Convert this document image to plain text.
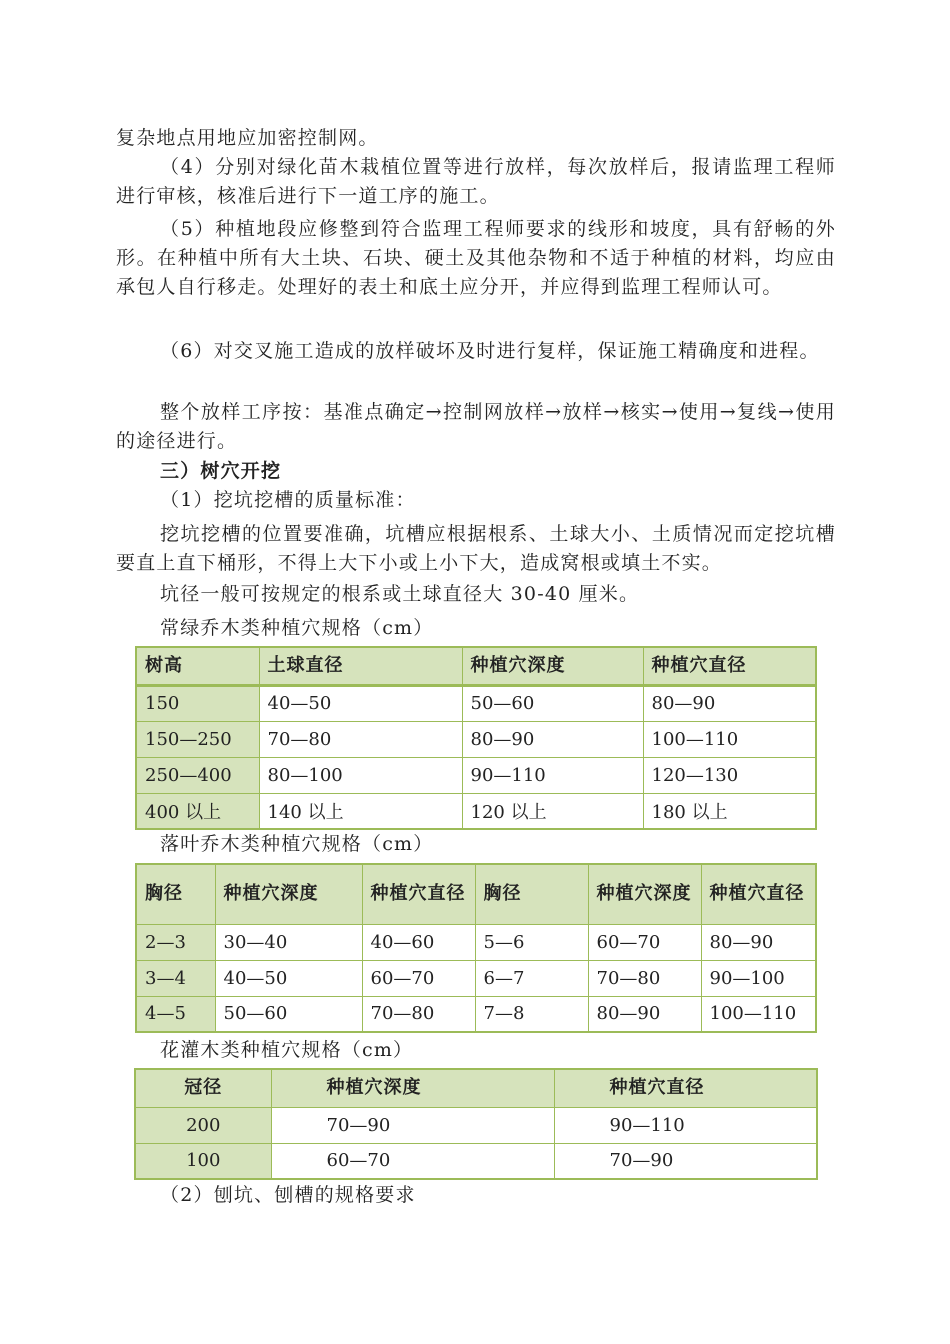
复杂地点用地应加密控制网。

（4）分别对绿化苗木栽植位置等进行放样，每次放样后，报请监理工程师进行审核，核准后进行下一道工序的施工。

（5）种植地段应修整到符合监理工程师要求的线形和坡度，具有舒畅的外形。在种植中所有大土块、石块、硬土及其他杂物和不适于种植的材料，均应由承包人自行移走。处理好的表土和底土应分开，并应得到监理工程师认可。

（6）对交叉施工造成的放样破坏及时进行复样，保证施工精确度和进程。

整个放样工序按：基准点确定→控制网放样→放样→核实→使用→复线→使用的途径进行。

三）树穴开挖

（1）挖坑挖槽的质量标准：

挖坑挖槽的位置要准确，坑槽应根据根系、土球大小、土质情况而定挖坑槽要直上直下桶形，不得上大下小或上小下大，造成窝根或填土不实。

坑径一般可按规定的根系或土球直径大 30-40 厘米。

常绿乔木类种植穴规格（cm）

树高	土球直径	种植穴深度	种植穴直径
150	40—50	50—60	80—90
150—250	70—80	80—90	100—110
250—400	80—100	90—110	120—130
400 以上	140 以上	120 以上	180 以上

落叶乔木类种植穴规格（cm）

胸径	种植穴深度	种植穴直径	胸径	种植穴深度	种植穴直径
2—3	30—40	40—60	5—6	60—70	80—90
3—4	40—50	60—70	6—7	70—80	90—100
4—5	50—60	70—80	7—8	80—90	100—110

花灌木类种植穴规格（cm）

冠径	种植穴深度	种植穴直径
200	70—90	90—110
100	60—70	70—90

（2）刨坑、刨槽的规格要求
